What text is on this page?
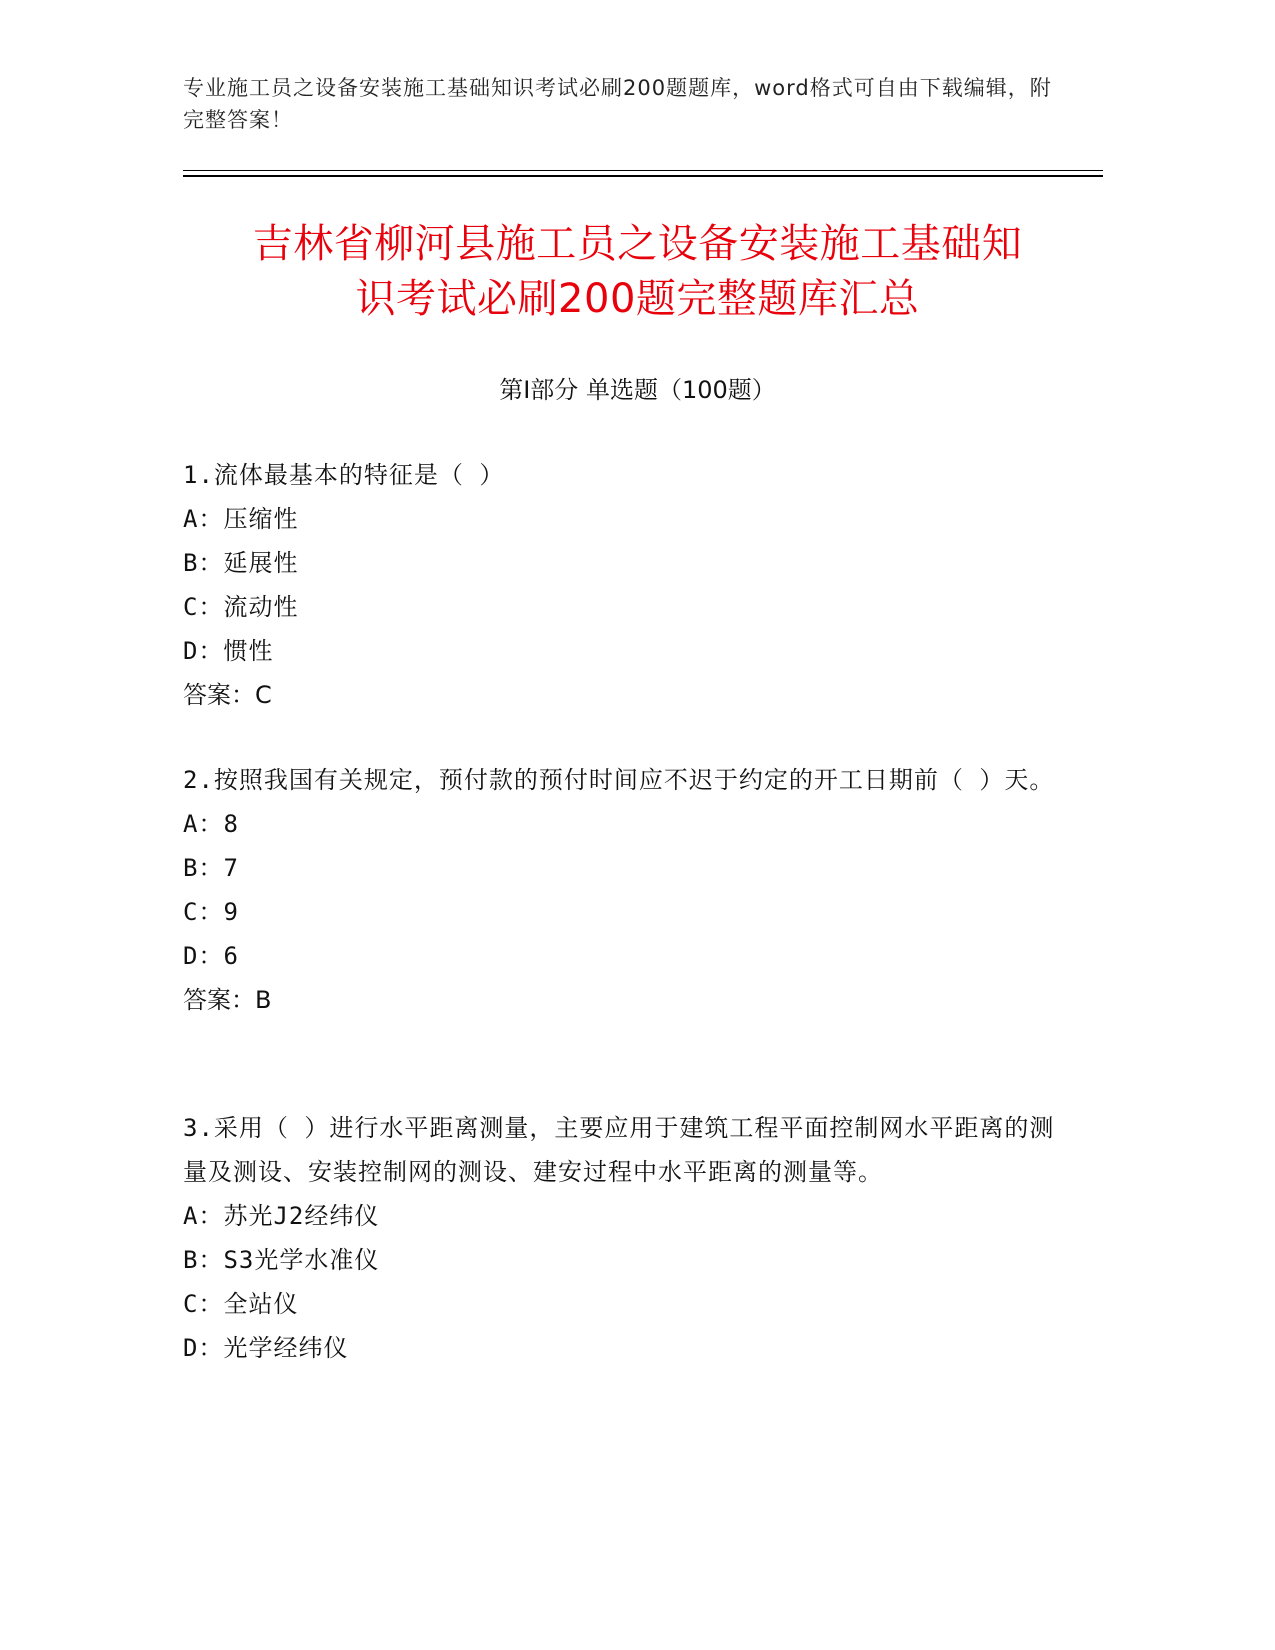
专业施工员之设备安装施工基础知识考试必刷200题题库，word格式可自由下载编辑，附完整答案！
吉林省柳河县施工员之设备安装施工基础知
识考试必刷200题完整题库汇总
第Ⅰ部分 单选题（100题）
1.流体最基本的特征是（ ）
A：压缩性
B：延展性
C：流动性
D：惯性
答案：C
2.按照我国有关规定，预付款的预付时间应不迟于约定的开工日期前（ ）天。
A：8
B：7
C：9
D：6
答案：B
3.采用（ ）进行水平距离测量，主要应用于建筑工程平面控制网水平距离的测量及测设、安装控制网的测设、建安过程中水平距离的测量等。
A：苏光J2经纬仪
B：S3光学水准仪
C：全站仪
D：光学经纬仪
